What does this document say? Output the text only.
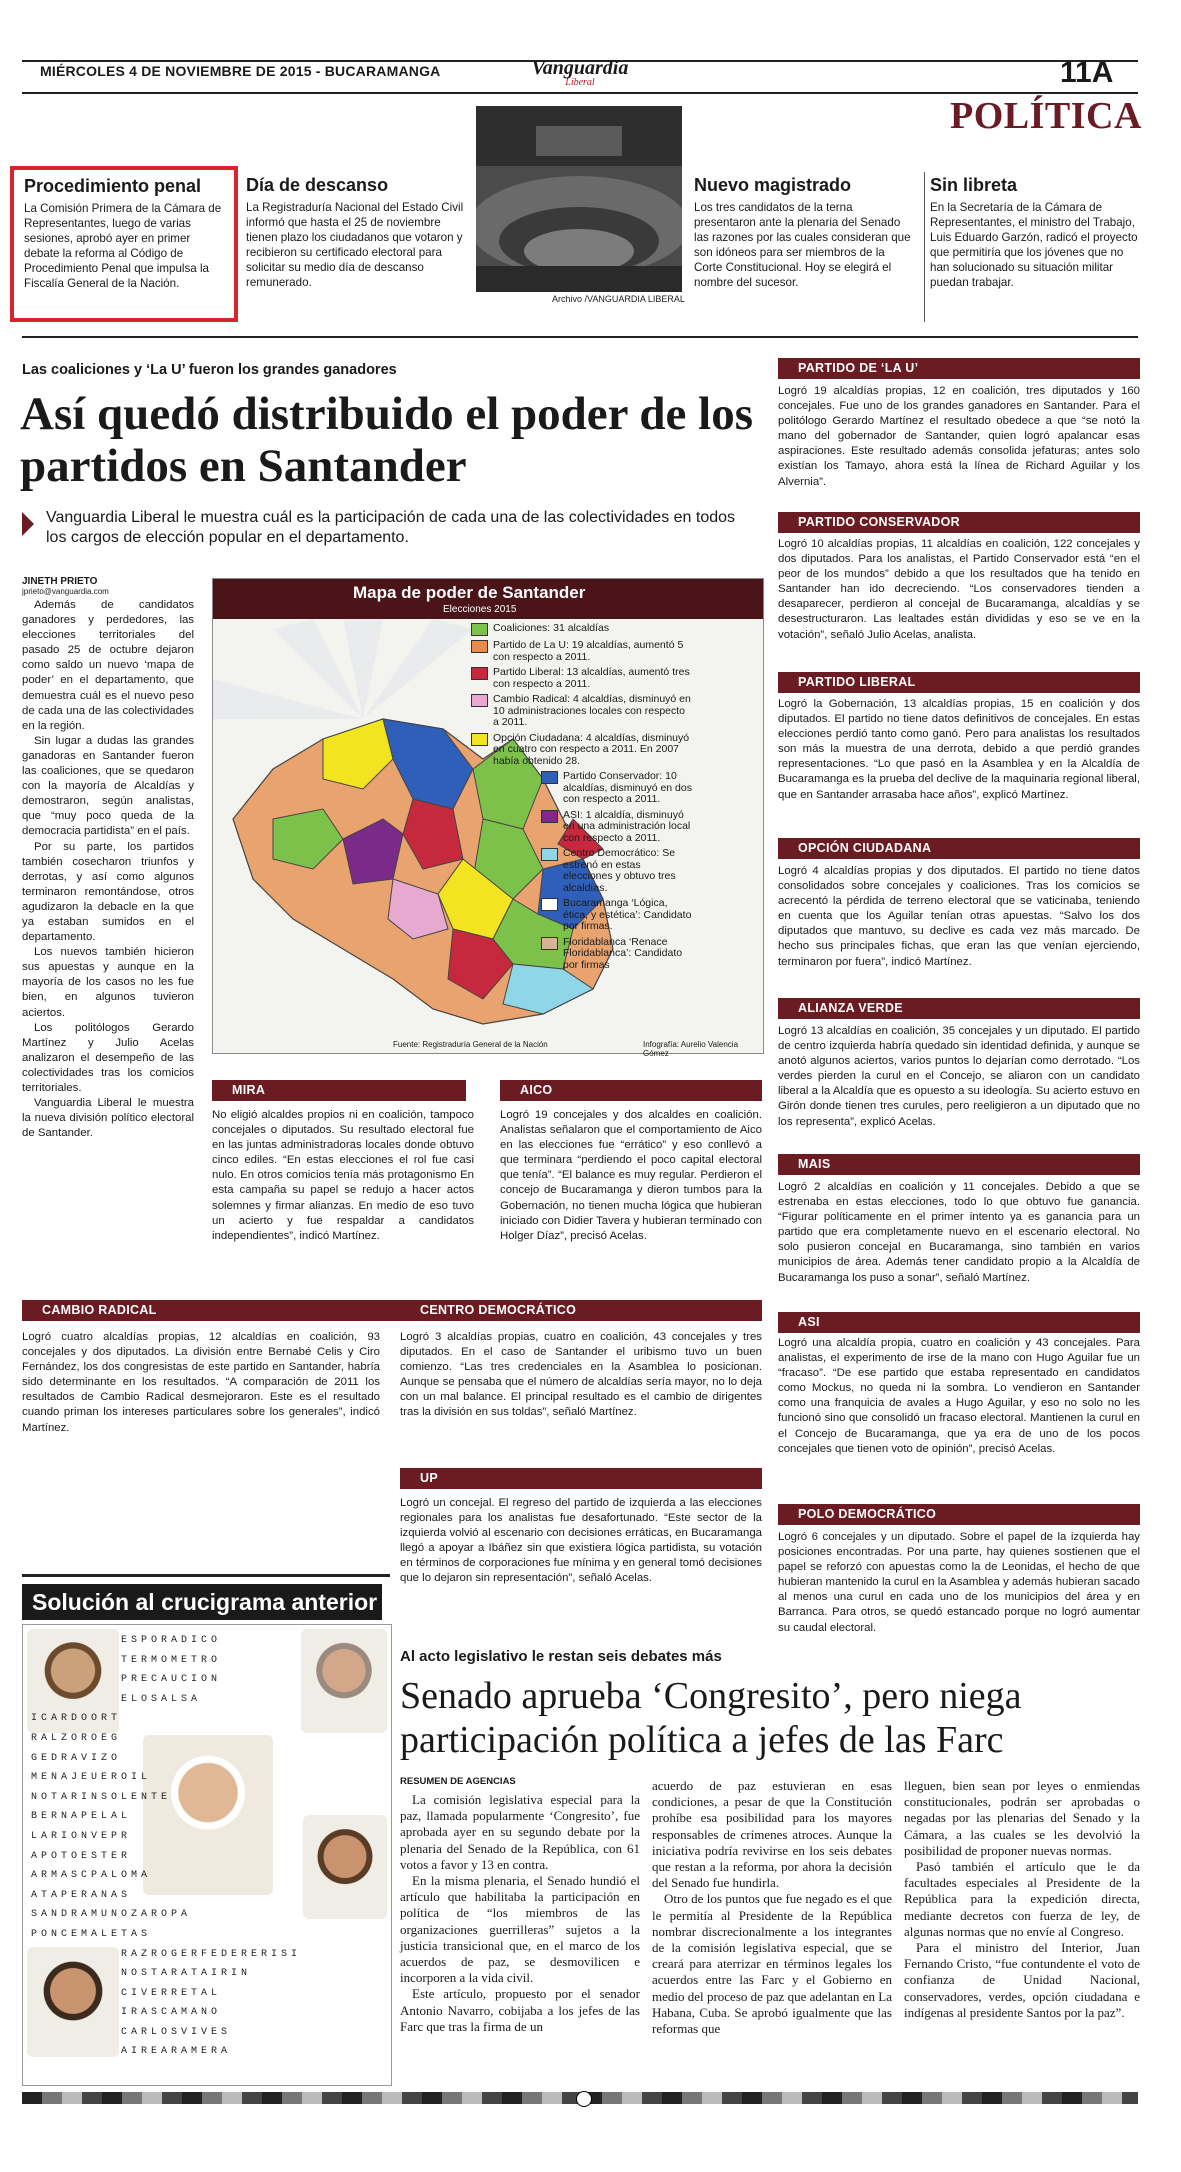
MIÉRCOLES 4 DE NOVIEMBRE DE 2015 - BUCARAMANGA	Vanguardia
Liberal	11A
POLÍTICA
Procedimiento penal
La Comisión Primera de la Cámara de Representantes, luego de varias sesiones, aprobó ayer en primer debate la reforma al Código de Procedimiento Penal que impulsa la Fiscalía General de la Nación.
Día de descanso
La Registraduría Nacional del Estado Civil informó que hasta el 25 de noviembre tienen plazo los ciudadanos que votaron y recibieron su certificado electoral para solicitar su medio día de descanso remunerado.
Archivo /VANGUARDIA LIBERAL
Nuevo magistrado
Los tres candidatos de la terna presentaron ante la plenaria del Senado las razones por las cuales consideran que son idóneos para ser miembros de la Corte Constitucional. Hoy se elegirá el nombre del sucesor.
Sin libreta
En la Secretaría de la Cámara de Representantes, el ministro del Trabajo, Luis Eduardo Garzón, radicó el proyecto que permitiría que los jóvenes que no han solucionado su situación militar puedan trabajar.
Las coaliciones y ‘La U’ fueron los grandes ganadores
Así quedó distribuido el poder de los partidos en Santander
Vanguardia Liberal le muestra cuál es la participación de cada una de las colectividades en todos los cargos de elección popular en el departamento.
JINETH PRIETO
jprieto@vanguardia.com

Además de candidatos ganadores y perdedores, las elecciones territoriales del pasado 25 de octubre dejaron como saldo un nuevo ‘mapa de poder’ en el departamento, que demuestra cuál es el nuevo peso de cada una de las colectividades en la región.

Sin lugar a dudas las grandes ganadoras en Santander fueron las coaliciones, que se quedaron con la mayoría de Alcaldías y demostraron, según analistas, que “muy poco queda de la democracia partidista” en el país.

Por su parte, los partidos también cosecharon triunfos y derrotas, y así como algunos terminaron remontándose, otros agudizaron la debacle en la que ya estaban sumidos en el departamento.

Los nuevos también hicieron sus apuestas y aunque en la mayoría de los casos no les fue bien, en algunos tuvieron aciertos.

Los politólogos Gerardo Martínez y Julio Acelas analizaron el desempeño de las colectividades tras los comicios territoriales.

Vanguardia Liberal le muestra la nueva división político electoral de Santander.

Mapa de poder de Santander
Elecciones 2015
Coaliciones: 31 alcaldías
Partido de La U: 19 alcaldías, aumentó 5 con respecto a 2011.
Partido Liberal: 13 alcaldías, aumentó tres con respecto a 2011.
Cambio Radical: 4 alcaldías, disminuyó en 10 administraciones locales con respecto a 2011.
Opción Ciudadana: 4 alcaldías, disminuyó en cuatro con respecto a 2011. En 2007 había obtenido 28.
Partido Conservador: 10 alcaldías, disminuyó en dos con respecto a 2011.
ASI: 1 alcaldía, disminuyó en una administración local con respecto a 2011.
Centro Democrático: Se estrenó en estas elecciones y obtuvo tres alcaldías.
Bucaramanga ‘Lógica, ética, y estética’: Candidato por firmas.
Floridablanca ‘Renace Floridablanca’: Candidato por firmas
Fuente: Registraduría General de la Nación	Infografía: Aurelio Valencia Gómez
MIRA
No eligió alcaldes propios ni en coalición, tampoco concejales o diputados. Su resultado electoral fue en las juntas administradoras locales donde obtuvo cinco ediles. “En estas elecciones el rol fue casi nulo. En otros comicios tenía más protagonismo En esta campaña su papel se redujo a hacer actos solemnes y firmar alianzas. En medio de eso tuvo un acierto y fue respaldar a candidatos independientes”, indicó Martínez.
AICO
Logró 19 concejales y dos alcaldes en coalición. Analistas señalaron que el comportamiento de Aico en las elecciones fue “errático” y eso conllevó a que terminara “perdiendo el poco capital electoral que tenía”. “El balance es muy regular. Perdieron el concejo de Bucaramanga y dieron tumbos para la Gobernación, no tienen mucha lógica que hubieran iniciado con Didier Tavera y hubieran terminado con Holger Díaz”, precisó Acelas.
CAMBIO RADICAL
Logró cuatro alcaldías propias, 12 alcaldías en coalición, 93 concejales y dos diputados. La división entre Bernabé Celis y Ciro Fernández, los dos congresistas de este partido en Santander, habría sido determinante en los resultados. “A comparación de 2011 los resultados de Cambio Radical desmejoraron. Este es el resultado cuando priman los intereses particulares sobre los generales”, indicó Martínez.
CENTRO DEMOCRÁTICO
Logró 3 alcaldías propias, cuatro en coalición, 43 concejales y tres diputados. En el caso de Santander el uribismo tuvo un buen comienzo. “Las tres credenciales en la Asamblea lo posicionan. Aunque se pensaba que el número de alcaldías sería mayor, no lo deja con un mal balance. El principal resultado es el cambio de dirigentes tras la división en sus toldas”, señaló Martínez.
UP
Logró un concejal. El regreso del partido de izquierda a las elecciones regionales para los analistas fue desafortunado. “Este sector de la izquierda volvió al escenario con decisiones erráticas, en Bucaramanga llegó a apoyar a Ibáñez sin que existiera lógica partidista, su votación en términos de corporaciones fue mínima y en general tomó decisiones que lo dejaron sin representación”, señaló Acelas.
PARTIDO DE ‘LA U’
Logró 19 alcaldías propias, 12 en coalición, tres diputados y 160 concejales. Fue uno de los grandes ganadores en Santander. Para el politólogo Gerardo Martínez el resultado obedece a que “se notó la mano del gobernador de Santander, quien logró apalancar esas aspiraciones. Este resultado además consolida jefaturas; antes solo existían los Tamayo, ahora está la línea de Richard Aguilar y los Alvernia”.
PARTIDO CONSERVADOR
Logró 10 alcaldías propias, 11 alcaldías en coalición, 122 concejales y dos diputados. Para los analistas, el Partido Conservador está “en el peor de los mundos” debido a que los resultados que ha tenido en Santander han ido decreciendo. “Los conservadores tienden a desaparecer, perdieron al concejal de Bucaramanga, alcaldías y se desestructuraron. Las lealtades están divididas y eso se ve en la votación”, señaló Julio Acelas, analista.
PARTIDO LIBERAL
Logró la Gobernación, 13 alcaldías propias, 15 en coalición y dos diputados. El partido no tiene datos definitivos de concejales. En estas elecciones perdió tanto como ganó. Pero para analistas los resultados son más la muestra de una derrota, debido a que perdió grandes representaciones. “Lo que pasó en la Asamblea y en la Alcaldía de Bucaramanga es la prueba del declive de la maquinaria regional liberal, que en Santander arrasaba hace años”, explicó Martínez.
OPCIÓN CIUDADANA
Logró 4 alcaldías propias y dos diputados. El partido no tiene datos consolidados sobre concejales y coaliciones. Tras los comicios se acrecentó la pérdida de terreno electoral que se vaticinaba, teniendo en cuenta que los Aguilar tenían otras apuestas. “Salvo los dos diputados que mantuvo, su declive es cada vez más marcado. De hecho sus principales fichas, que eran las que venían ejerciendo, terminaron por fuera”, indicó Martínez.
ALIANZA VERDE
Logró 13 alcaldías en coalición, 35 concejales y un diputado. El partido de centro izquierda habría quedado sin identidad definida, y aunque se anotó algunos aciertos, varios puntos lo dejarían como derrotado. “Los verdes pierden la curul en el Concejo, se aliaron con un candidato liberal a la Alcaldía que es opuesto a su ideología. Su acierto estuvo en Girón donde tienen tres curules, pero reeligieron a un diputado que no los representa”, explicó Acelas.
MAIS
Logró 2 alcaldías en coalición y 11 concejales. Debido a que se estrenaba en estas elecciones, todo lo que obtuvo fue ganancia. “Figurar políticamente en el primer intento ya es ganancia para un partido que era completamente nuevo en el escenario electoral. No solo pusieron concejal en Bucaramanga, sino también en varios municipios de área. Además tener candidato propio a la Alcaldía de Bucaramanga los puso a sonar”, señaló Martínez.
ASI
Logró una alcaldía propia, cuatro en coalición y 43 concejales. Para analistas, el experimento de irse de la mano con Hugo Aguilar fue un “fracaso”. “De ese partido que estaba representado en candidatos como Mockus, no queda ni la sombra. Lo vendieron en Santander como una franquicia de avales a Hugo Aguilar, y eso no solo no les funcionó sino que consolidó un fracaso electoral. Mantienen la curul en el Concejo de Bucaramanga, que ya era de uno de los pocos concejales que tienen voto de opinión”, precisó Acelas.
POLO DEMOCRÁTICO
Logró 6 concejales y un diputado. Sobre el papel de la izquierda hay posiciones encontradas. Por una parte, hay quienes sostienen que el papel se reforzó con apuestas como la de Leonidas, el hecho de que hubieran mantenido la curul en la Asamblea y además hubieran sacado al menos una curul en cada uno de los municipios del área y en Barranca. Para otros, se quedó estancado porque no logró aumentar su caudal electoral.
Solución al crucigrama anterior
ESPORADICO
TERMOMETRO
PRECAUCION
ELOSALSA
ICARDOORT
RALZOROEG
GEDRAVIZO
MENAJEUEROIL
NOTARINSOLENTE
BERNAPELAL
LARIONVEPR
APOTOESTER
ARMASCPALOMA
ATAPERANAS
SANDRAMUNOZAROPA
PONCEMALETAS
RAZROGERFEDERERISI
NOSTARATAIRIN
CIVERRETAL
IRASCAMANO
CARLOSVIVES
AIREARAMERA
Al acto legislativo le restan seis debates más
Senado aprueba ‘Congresito’, pero niega participación política a jefes de las Farc
RESUMEN DE AGENCIAS

La comisión legislativa especial para la paz, llamada popularmente ‘Congresito’, fue aprobada ayer en su segundo debate por la plenaria del Senado de la República, con 61 votos a favor y 13 en contra.

En la misma plenaria, el Senado hundió el artículo que habilitaba la participación en política de “los miembros de las organizaciones guerrilleras” sujetos a la justicia transicional que, en el marco de los acuerdos de paz, se desmovilicen e incorporen a la vida civil.

Este artículo, propuesto por el senador Antonio Navarro, cobijaba a los jefes de las Farc que tras la firma de un

acuerdo de paz estuvieran en esas condiciones, a pesar de que la Constitución prohíbe esa posibilidad para los mayores responsables de crímenes atroces. Aunque la iniciativa podría revivirse en los seis debates que restan a la reforma, por ahora la decisión del Senado fue hundirla.

Otro de los puntos que fue negado es el que le permitía al Presidente de la República nombrar discrecionalmente a los integrantes de la comisión legislativa especial, que se creará para aterrizar en términos legales los acuerdos entre las Farc y el Gobierno en medio del proceso de paz que adelantan en La Habana, Cuba. Se aprobó igualmente que las reformas que

lleguen, bien sean por leyes o enmiendas constitucionales, podrán ser aprobadas o negadas por las plenarias del Senado y la Cámara, a las cuales se les devolvió la posibilidad de proponer nuevas normas.

Pasó también el artículo que le da facultades especiales al Presidente de la República para la expedición directa, mediante decretos con fuerza de ley, de algunas normas que no envíe al Congreso.

Para el ministro del Interior, Juan Fernando Cristo, “fue contundente el voto de confianza de Unidad Nacional, conservadores, verdes, opción ciudadana e indígenas al presidente Santos por la paz”.
